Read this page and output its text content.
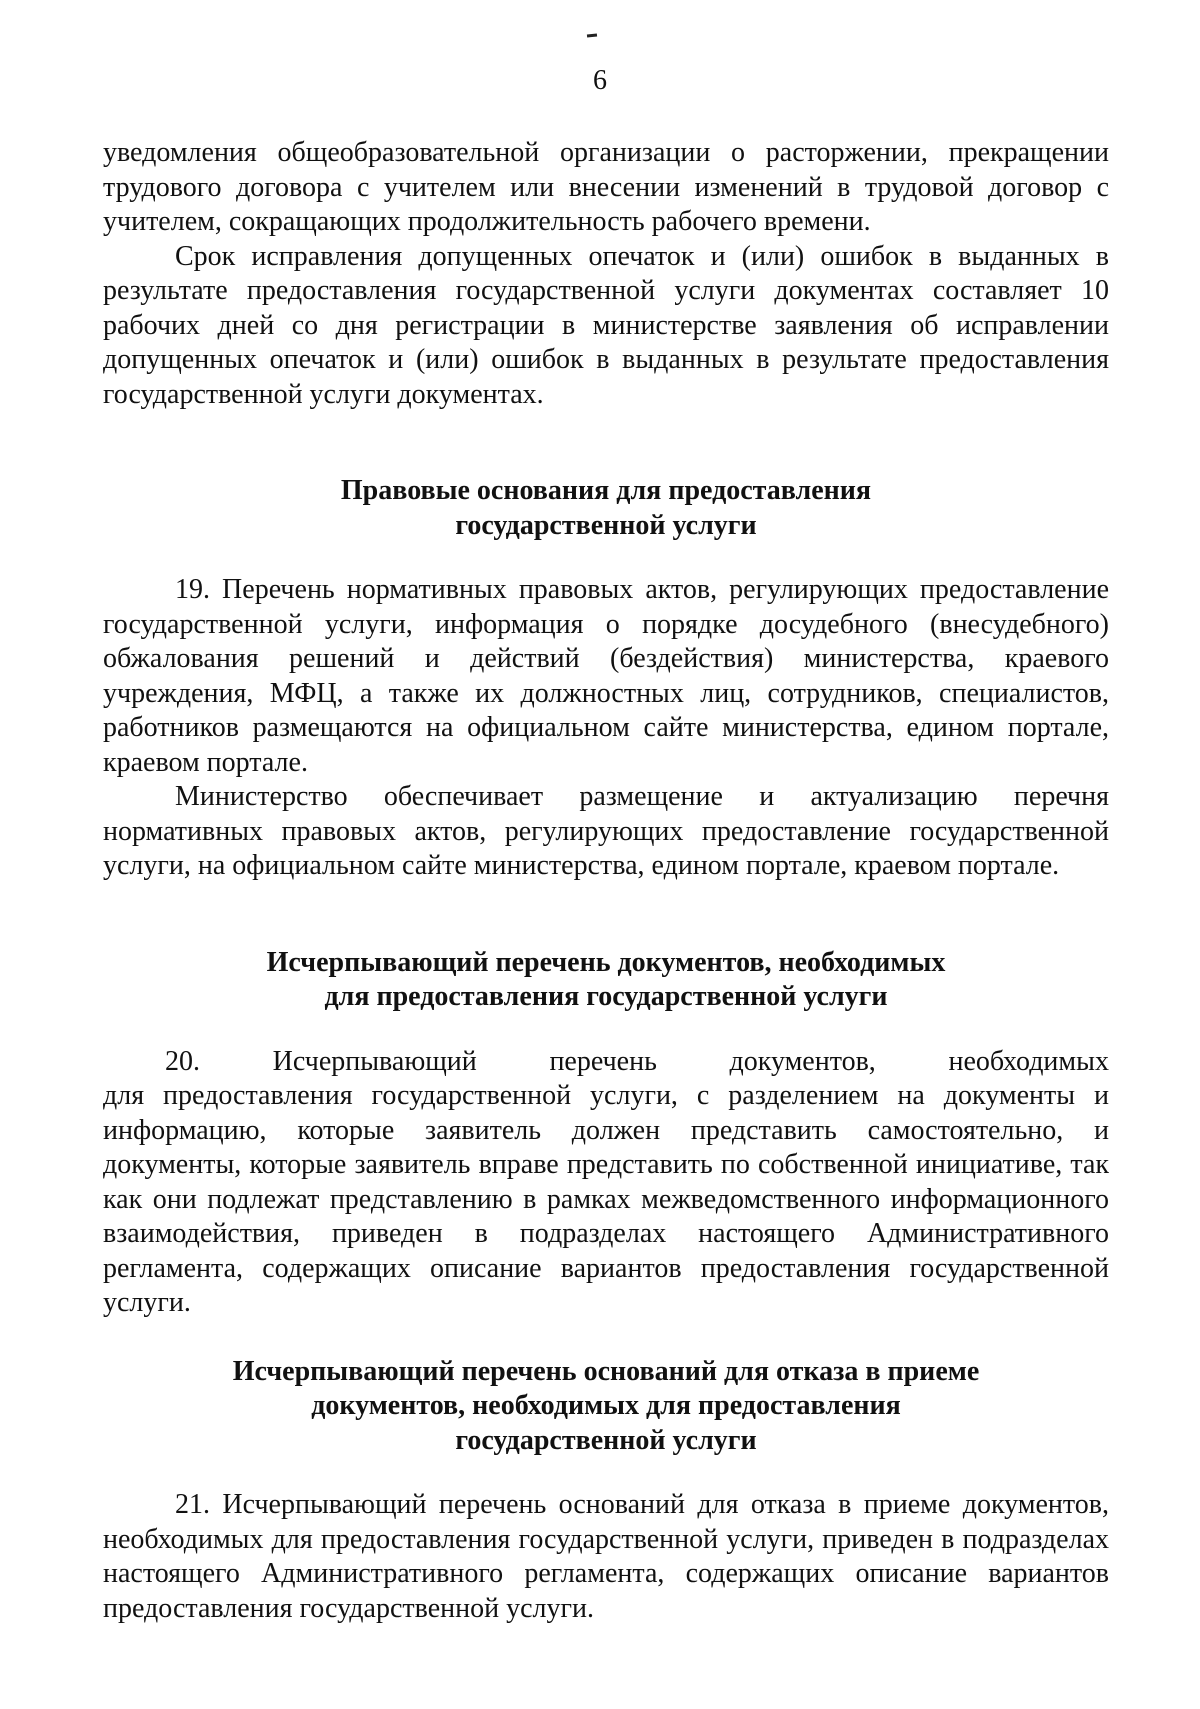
6

уведомления общеобразовательной организации о расторжении, прекращении трудового договора с учителем или внесении изменений в трудовой договор с учителем, сокращающих продолжительность рабочего времени.

Срок исправления допущенных опечаток и (или) ошибок в выданных в результате предоставления государственной услуги документах составляет 10 рабочих дней со дня регистрации в министерстве заявления об исправлении допущенных опечаток и (или) ошибок в выданных в результате предоставления государственной услуги документах.

Правовые основания для предоставления
государственной услуги

19. Перечень нормативных правовых актов, регулирующих предоставление государственной услуги, информация о порядке досудебного (внесудебного) обжалования решений и действий (бездействия) министерства, краевого учреждения, МФЦ, а также их должностных лиц, сотрудников, специалистов, работников размещаются на официальном сайте министерства, едином портале, краевом портале.

Министерство обеспечивает размещение и актуализацию перечня нормативных правовых актов, регулирующих предоставление государственной услуги, на официальном сайте министерства, едином портале, краевом портале.

Исчерпывающий перечень документов, необходимых
для предоставления государственной услуги
20.	Исчерпывающий	перечень	документов,	необходимых

для предоставления государственной услуги, с разделением на документы и информацию, которые заявитель должен представить самостоятельно, и документы, которые заявитель вправе представить по собственной инициативе, так как они подлежат представлению в рамках межведомственного информационного взаимодействия, приведен в подразделах настоящего Административного регламента, содержащих описание вариантов предоставления государственной услуги.

Исчерпывающий перечень оснований для отказа в приеме
документов, необходимых для предоставления
государственной услуги

21. Исчерпывающий перечень оснований для отказа в приеме документов, необходимых для предоставления государственной услуги, приведен в подразделах настоящего Административного регламента, содержащих описание вариантов предоставления государственной услуги.
